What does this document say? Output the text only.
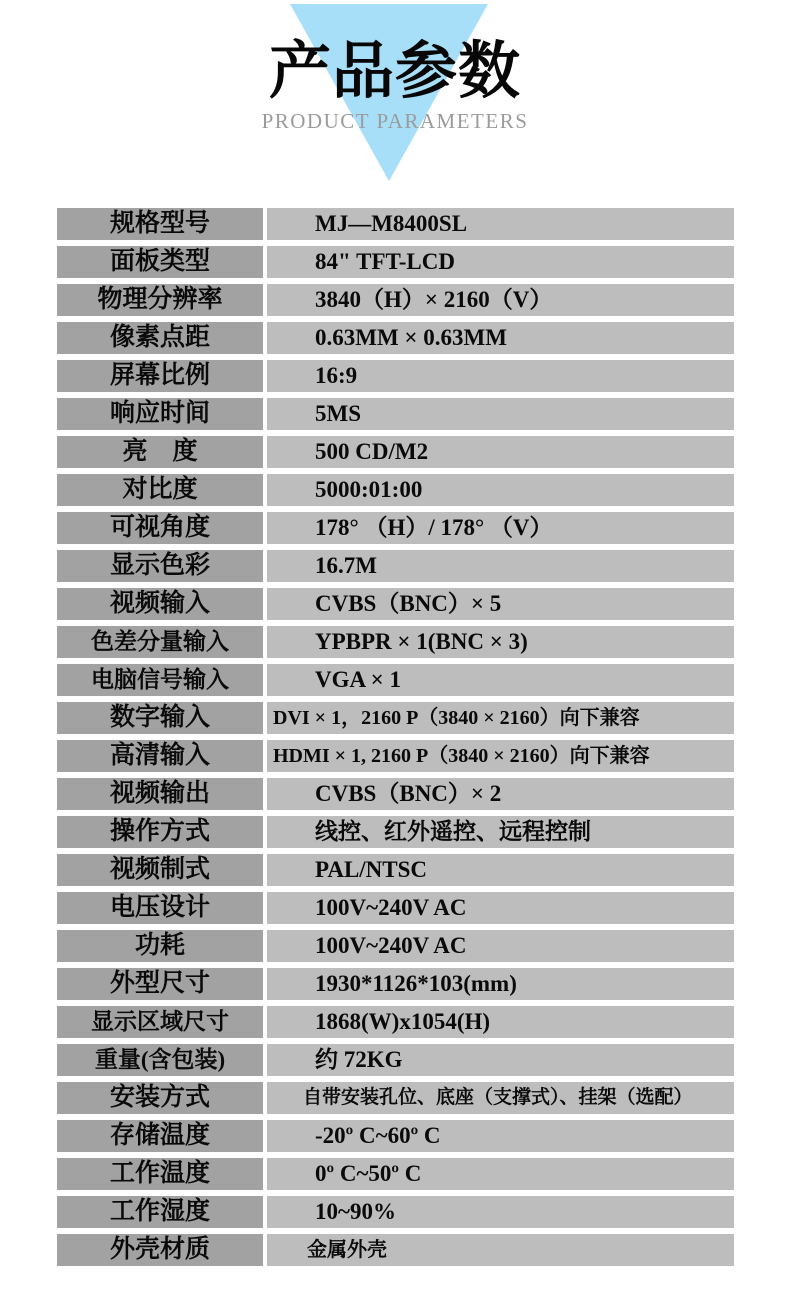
产品参数
PRODUCT PARAMETERS
规格型号	MJ—M8400SL
面板类型	84" TFT-LCD
物理分辨率	3840（H）× 2160（V）
像素点距	0.63MM × 0.63MM
屏幕比例	16:9
响应时间	5MS
亮　度	500 CD/M2
对比度	5000:01:00
可视角度	178° （H）/ 178° （V）
显示色彩	16.7M
视频输入	CVBS（BNC）× 5
色差分量输入	YPBPR × 1(BNC × 3)
电脑信号输入	VGA × 1
数字输入	DVI × 1，2160 P（3840 × 2160）向下兼容
高清输入	HDMI × 1, 2160 P（3840 × 2160）向下兼容
视频输出	CVBS（BNC）× 2
操作方式	线控、红外遥控、远程控制
视频制式	PAL/NTSC
电压设计	100V~240V AC
功耗	100V~240V AC
外型尺寸	1930*1126*103(mm)
显示区域尺寸	1868(W)x1054(H)
重量(含包装)	约 72KG
安装方式	自带安装孔位、底座（支撑式）、挂架（选配）
存储温度	-20º C~60º C
工作温度	0º C~50º C
工作湿度	10~90%
外壳材质	金属外壳
